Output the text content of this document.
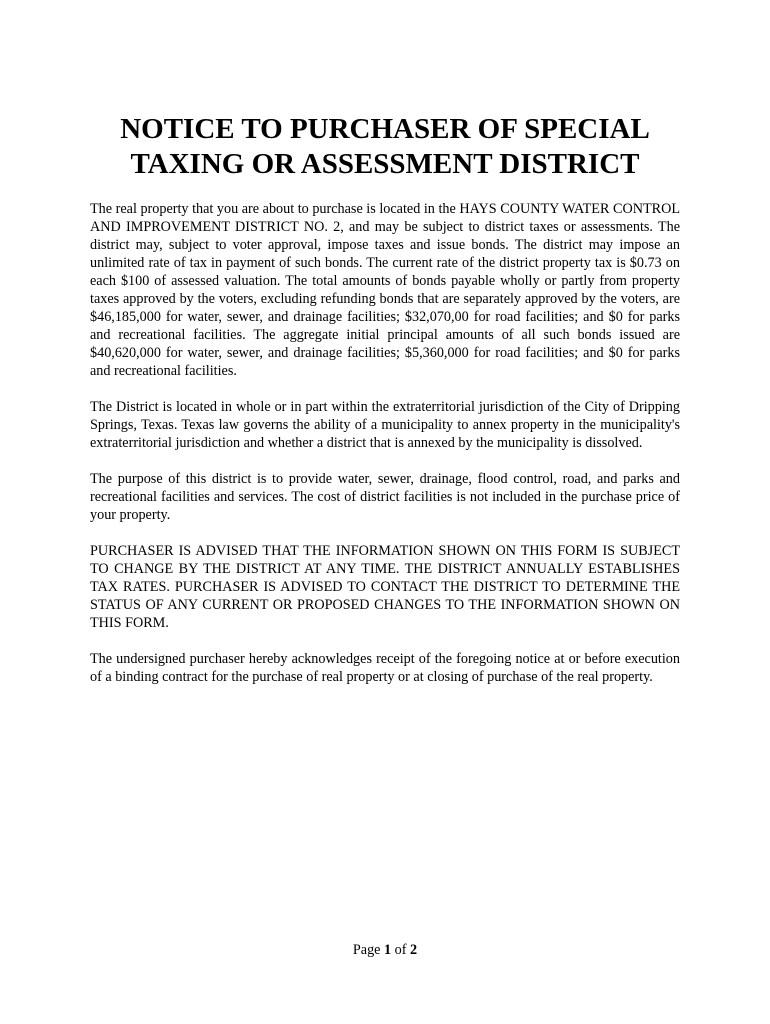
NOTICE TO PURCHASER OF SPECIAL
TAXING OR ASSESSMENT DISTRICT

The real property that you are about to purchase is located in the HAYS COUNTY WATER CONTROL AND IMPROVEMENT DISTRICT NO. 2, and may be subject to district taxes or assessments. The district may, subject to voter approval, impose taxes and issue bonds. The district may impose an unlimited rate of tax in payment of such bonds. The current rate of the district property tax is $0.73 on each $100 of assessed valuation. The total amounts of bonds payable wholly or partly from property taxes approved by the voters, excluding refunding bonds that are separately approved by the voters, are $46,185,000 for water, sewer, and drainage facilities; $32,070,00 for road facilities; and $0 for parks and recreational facilities. The aggregate initial principal amounts of all such bonds issued are $40,620,000 for water, sewer, and drainage facilities; $5,360,000 for road facilities; and $0 for parks and recreational facilities.

The District is located in whole or in part within the extraterritorial jurisdiction of the City of Dripping Springs, Texas. Texas law governs the ability of a municipality to annex property in the municipality's extraterritorial jurisdiction and whether a district that is annexed by the municipality is dissolved.

The purpose of this district is to provide water, sewer, drainage, flood control, road, and parks and recreational facilities and services. The cost of district facilities is not included in the purchase price of your property.

PURCHASER IS ADVISED THAT THE INFORMATION SHOWN ON THIS FORM IS SUBJECT TO CHANGE BY THE DISTRICT AT ANY TIME. THE DISTRICT ANNUALLY ESTABLISHES TAX RATES. PURCHASER IS ADVISED TO CONTACT THE DISTRICT TO DETERMINE THE STATUS OF ANY CURRENT OR PROPOSED CHANGES TO THE INFORMATION SHOWN ON THIS FORM.

The undersigned purchaser hereby acknowledges receipt of the foregoing notice at or before execution of a binding contract for the purchase of real property or at closing of purchase of the real property.

Page 1 of 2
